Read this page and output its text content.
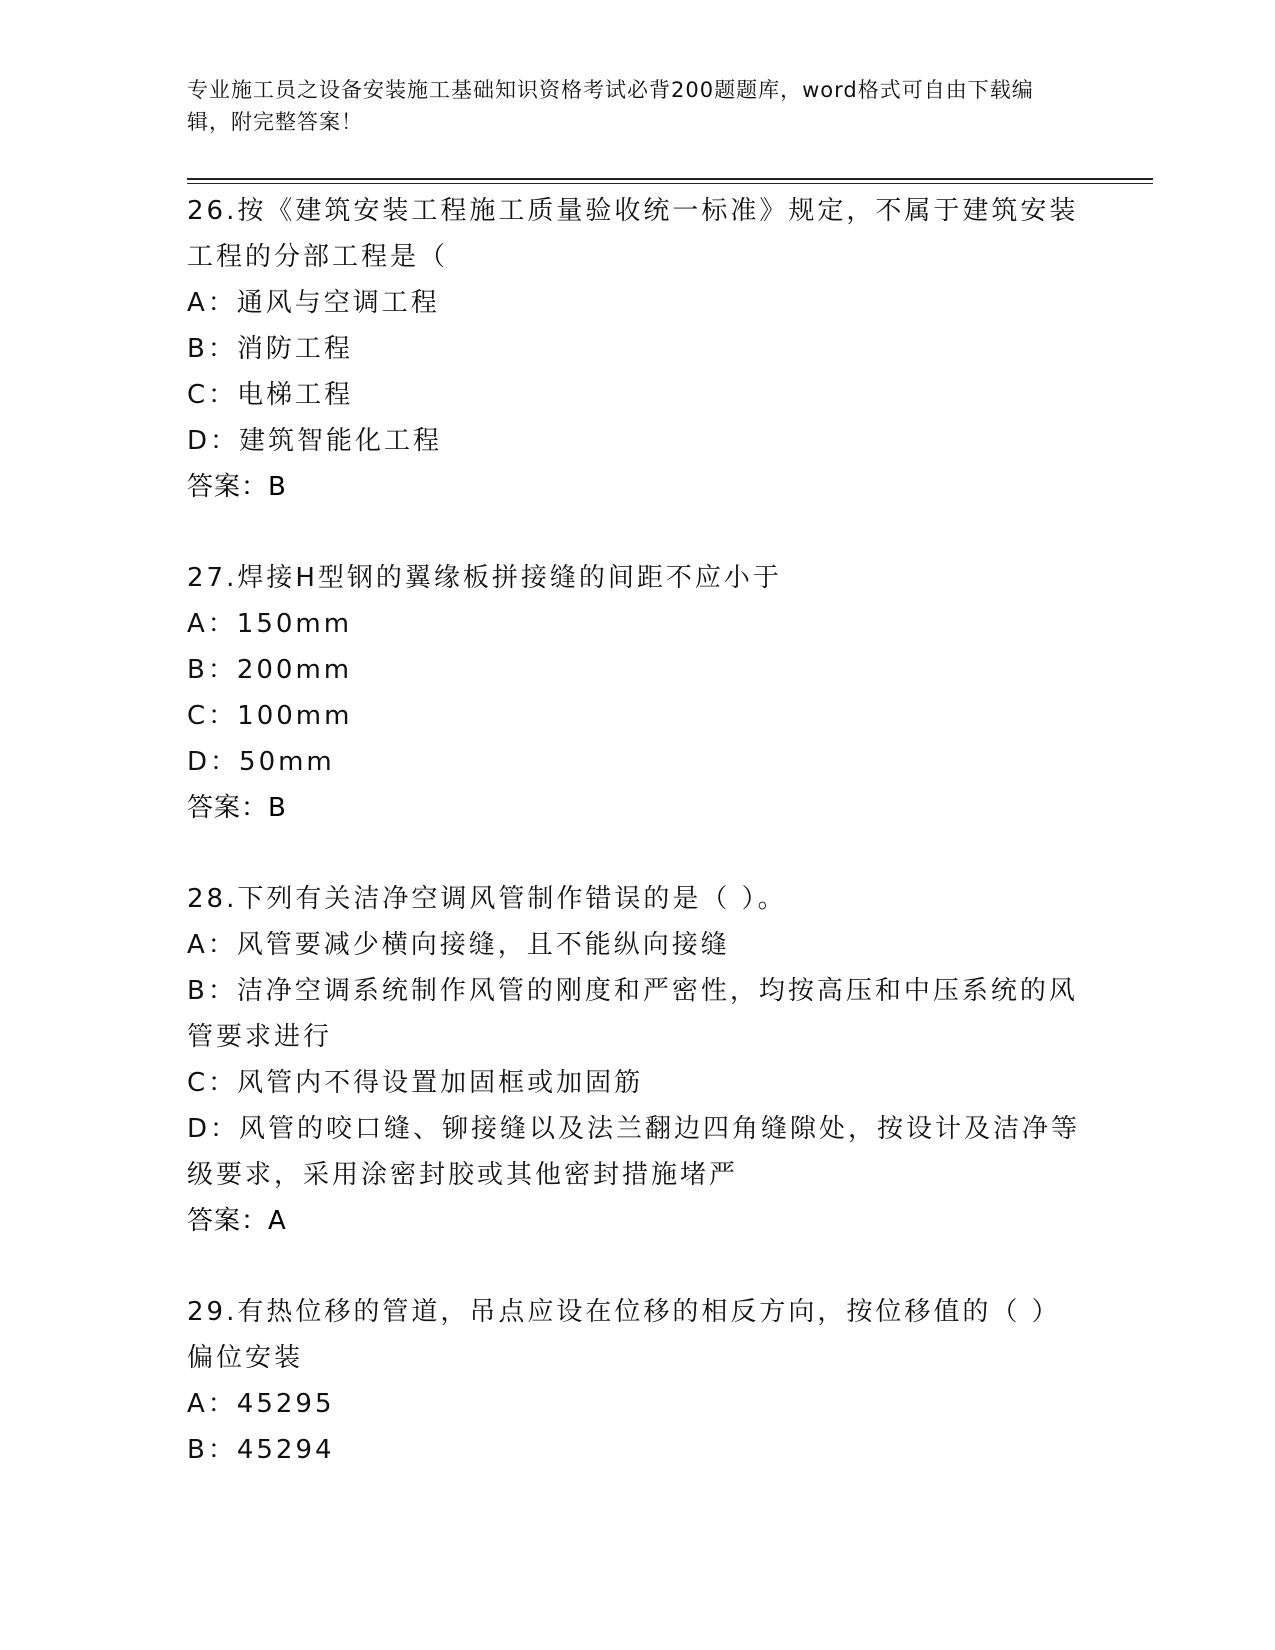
专业施工员之设备安装施工基础知识资格考试必背200题题库，word格式可自由下载编辑，附完整答案！
26.按《建筑安装工程施工质量验收统一标准》规定，不属于建筑安装工程的分部工程是（
A：通风与空调工程
B：消防工程
C：电梯工程
D：建筑智能化工程
答案：B
27.焊接H型钢的翼缘板拼接缝的间距不应小于
A：150mm
B：200mm
C：100mm
D：50mm
答案：B
28.下列有关洁净空调风管制作错误的是（ ）。
A：风管要减少横向接缝，且不能纵向接缝
B：洁净空调系统制作风管的刚度和严密性，均按高压和中压系统的风管要求进行
C：风管内不得设置加固框或加固筋
D：风管的咬口缝、铆接缝以及法兰翻边四角缝隙处，按设计及洁净等级要求，采用涂密封胶或其他密封措施堵严
答案：A
29.有热位移的管道，吊点应设在位移的相反方向，按位移值的（ ）偏位安装
A：45295
B：45294
